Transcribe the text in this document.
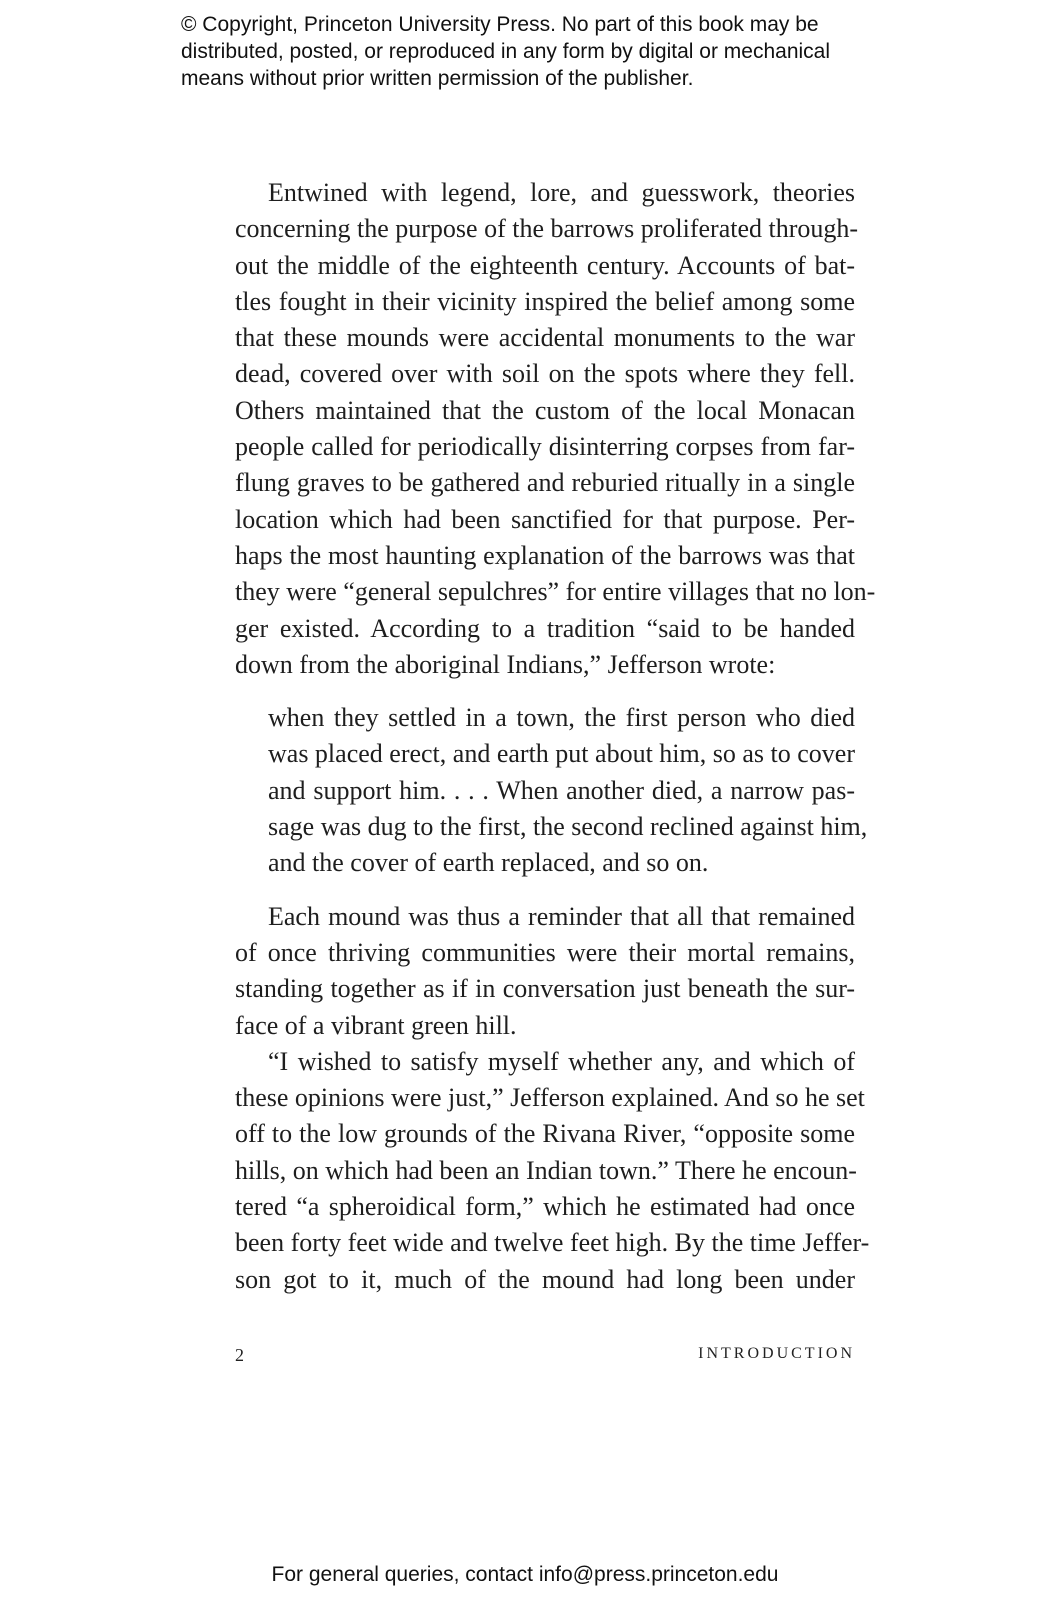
© Copyright, Princeton University Press. No part of this book may be
distributed, posted, or reproduced in any form by digital or mechanical
means without prior written permission of the publisher.
Entwined with legend, lore, and guesswork, theories
concerning the purpose of the barrows proliferated through-
out the middle of the eighteenth century. Accounts of bat-
tles fought in their vicinity inspired the belief among some
that these mounds were accidental monuments to the war
dead, covered over with soil on the spots where they fell.
Others maintained that the custom of the local Monacan
people called for periodically disinterring corpses from far-
flung graves to be gathered and reburied ritually in a single
location which had been sanctified for that purpose. Per-
haps the most haunting explanation of the barrows was that
they were “general sepulchres” for entire villages that no lon-
ger existed. According to a tradition “said to be handed
down from the aboriginal Indians,” Jefferson wrote:
when they settled in a town, the first person who died
was placed erect, and earth put about him, so as to cover
and support him. . . . When another died, a narrow pas-
sage was dug to the first, the second reclined against him,
and the cover of earth replaced, and so on.
Each mound was thus a reminder that all that remained
of once thriving communities were their mortal remains,
standing together as if in conversation just beneath the sur-
face of a vibrant green hill.
“I wished to satisfy myself whether any, and which of
these opinions were just,” Jefferson explained. And so he set
off to the low grounds of the Rivana River, “opposite some
hills, on which had been an Indian town.” There he encoun-
tered “a spheroidical form,” which he estimated had once
been forty feet wide and twelve feet high. By the time Jeffer-
son got to it, much of the mound had long been under
2	INTRODUCTION
For general queries, contact info@press.princeton.edu
